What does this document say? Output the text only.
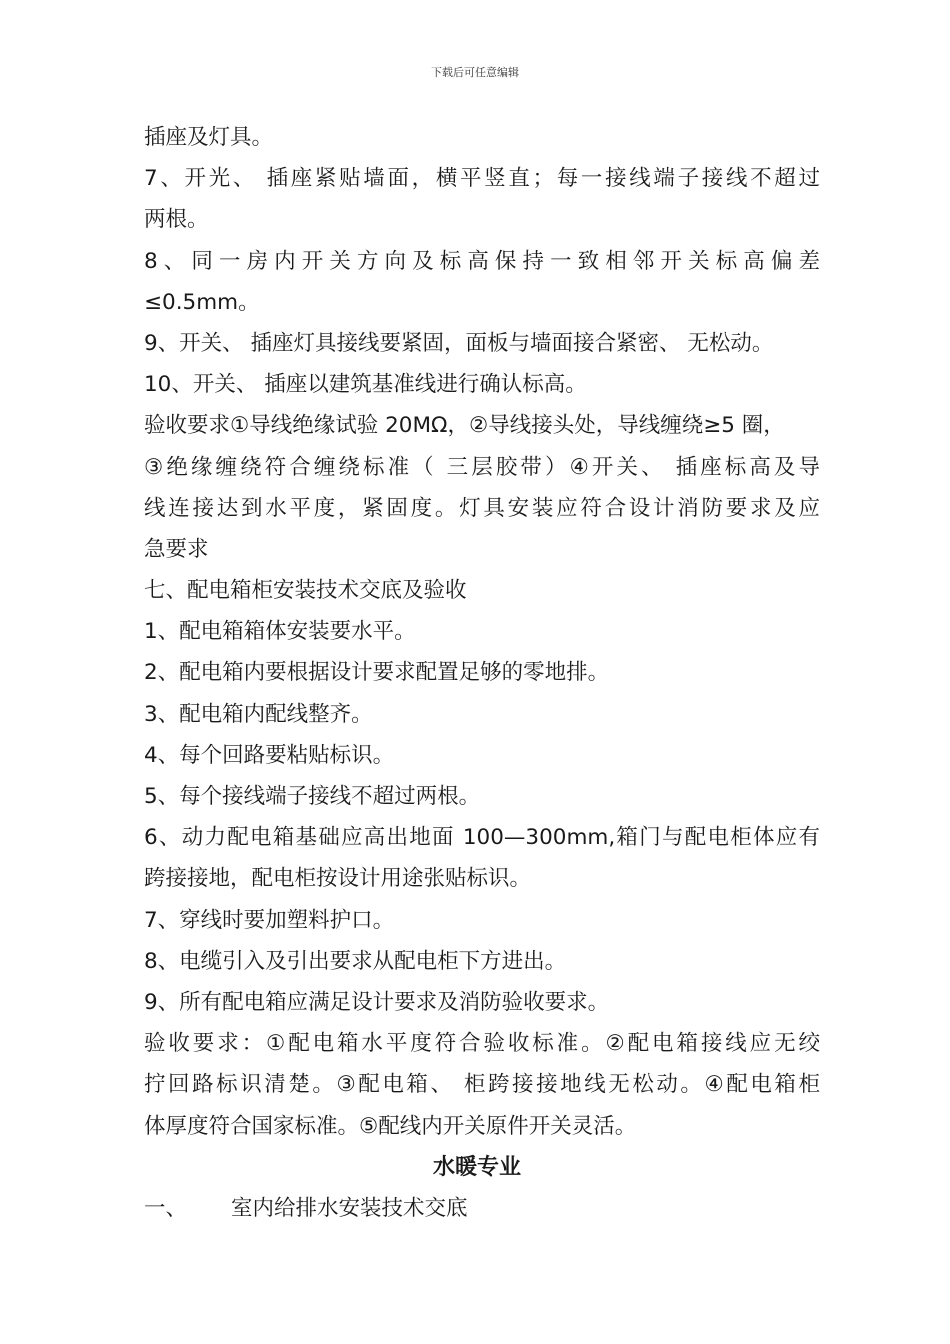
下载后可任意编辑
插座及灯具。
7、开光、 插座紧贴墙面，横平竖直；每一接线端子接线不超过
两根。
8、同一房内开关方向及标高保持一致相邻开关标高偏差
≤0.5mm。
9、开关、 插座灯具接线要紧固，面板与墙面接合紧密、 无松动。
10、开关、 插座以建筑基准线进行确认标高。
验收要求①导线绝缘试验 20MΩ，②导线接头处，导线缠绕≥5 圈，
③绝缘缠绕符合缠绕标准（ 三层胶带）④开关、 插座标高及导
线连接达到水平度，紧固度。灯具安装应符合设计消防要求及应
急要求
七、配电箱柜安装技术交底及验收
1、配电箱箱体安装要水平。
2、配电箱内要根据设计要求配置足够的零地排。
3、配电箱内配线整齐。
4、每个回路要粘贴标识。
5、每个接线端子接线不超过两根。
6、动力配电箱基础应高出地面 100—300mm,箱门与配电柜体应有
跨接接地，配电柜按设计用途张贴标识。
7、穿线时要加塑料护口。
8、电缆引入及引出要求从配电柜下方进出。
9、所有配电箱应满足设计要求及消防验收要求。
验收要求：①配电箱水平度符合验收标准。②配电箱接线应无绞
拧回路标识清楚。③配电箱、 柜跨接接地线无松动。④配电箱柜
体厚度符合国家标准。⑤配线内开关原件开关灵活。
水暖专业
一、 室内给排水安装技术交底
